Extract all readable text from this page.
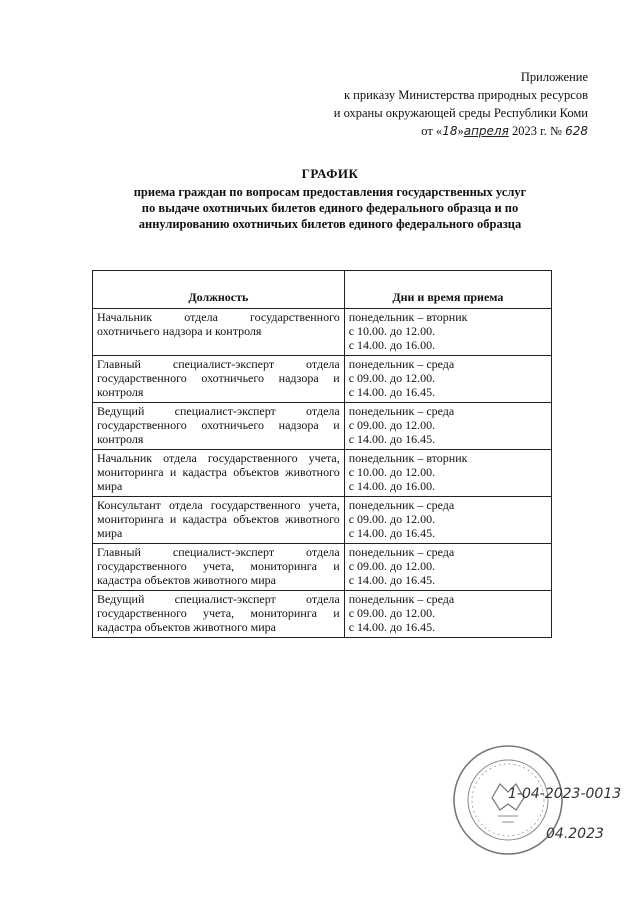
Приложение
к приказу Министерства природных ресурсов
и охраны окружающей среды Республики Коми
от «18»апреля 2023 г. № 628
ГРАФИК
приема граждан по вопросам предоставления государственных услуг
по выдаче охотничьих билетов единого федерального образца и по
аннулированию охотничьих билетов единого федерального образца
Должность	Дни и время приема
Начальник отдела государственного охотничьего надзора и контроля	понедельник – вторник
с 10.00. до 12.00.
с 14.00. до 16.00.

Главный специалист-эксперт отдела государственного охотничьего надзора и контроля	понедельник – среда
с 09.00. до 12.00.
с 14.00. до 16.45.

Ведущий специалист-эксперт отдела государственного охотничьего надзора и контроля	понедельник – среда
с 09.00. до 12.00.
с 14.00. до 16.45.

Начальник отдела государственного учета, мониторинга и кадастра объектов животного мира	понедельник – вторник
с 10.00. до 12.00.
с 14.00. до 16.00.

Консультант отдела государственного учета, мониторинга и кадастра объектов животного мира	понедельник – среда
с 09.00. до 12.00.
с 14.00. до 16.45.

Главный специалист-эксперт отдела государственного учета, мониторинга и кадастра объектов животного мира	понедельник – среда
с 09.00. до 12.00.
с 14.00. до 16.45.

Ведущий специалист-эксперт отдела государственного учета, мониторинга и кадастра объектов животного мира	понедельник – среда
с 09.00. до 12.00.
с 14.00. до 16.45.
1-04-2023-0013
04.2023
